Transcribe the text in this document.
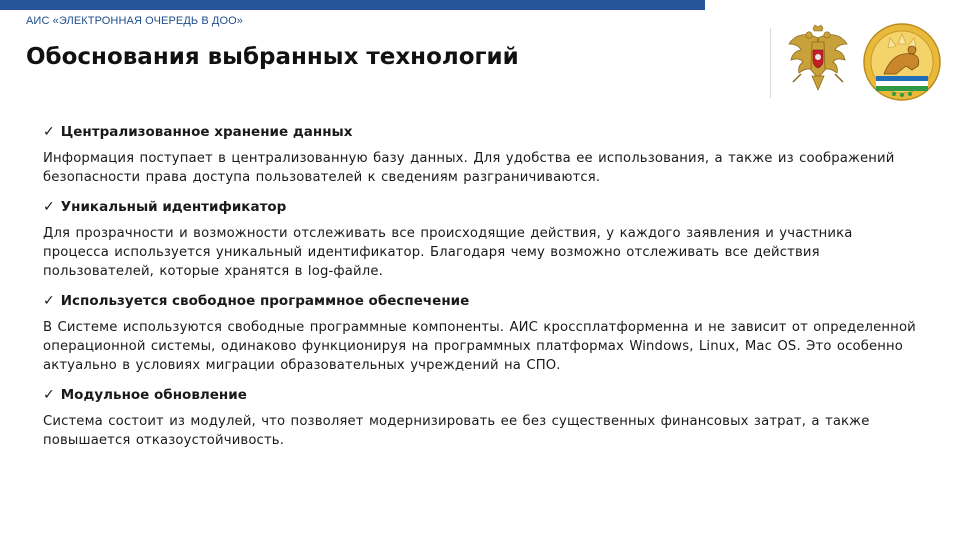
АИС «ЭЛЕКТРОННАЯ ОЧЕРЕДЬ В ДОО»
Обоснования выбранных технологий
✓ Централизованное хранение данных

Информация поступает в централизованную базу данных. Для удобства ее использования, а также из соображений безопасности права доступа пользователей к сведениям разграничиваются.

✓ Уникальный идентификатор

Для прозрачности и возможности отслеживать все происходящие действия, у каждого заявления и участника процесса используется уникальный идентификатор. Благодаря чему возможно отслеживать все действия пользователей, которые хранятся в log-файле.

✓ Используется свободное программное обеспечение

В Системе используются свободные программные компоненты. АИС кроссплатформенна и не зависит от определенной операционной системы, одинаково функционируя на программных платформах Windows, Linux, Mac OS. Это особенно актуально в условиях миграции образовательных учреждений на СПО.

✓ Модульное обновление

Система состоит из модулей, что позволяет модернизировать ее без существенных финансовых затрат, а также повышается отказоустойчивость.
